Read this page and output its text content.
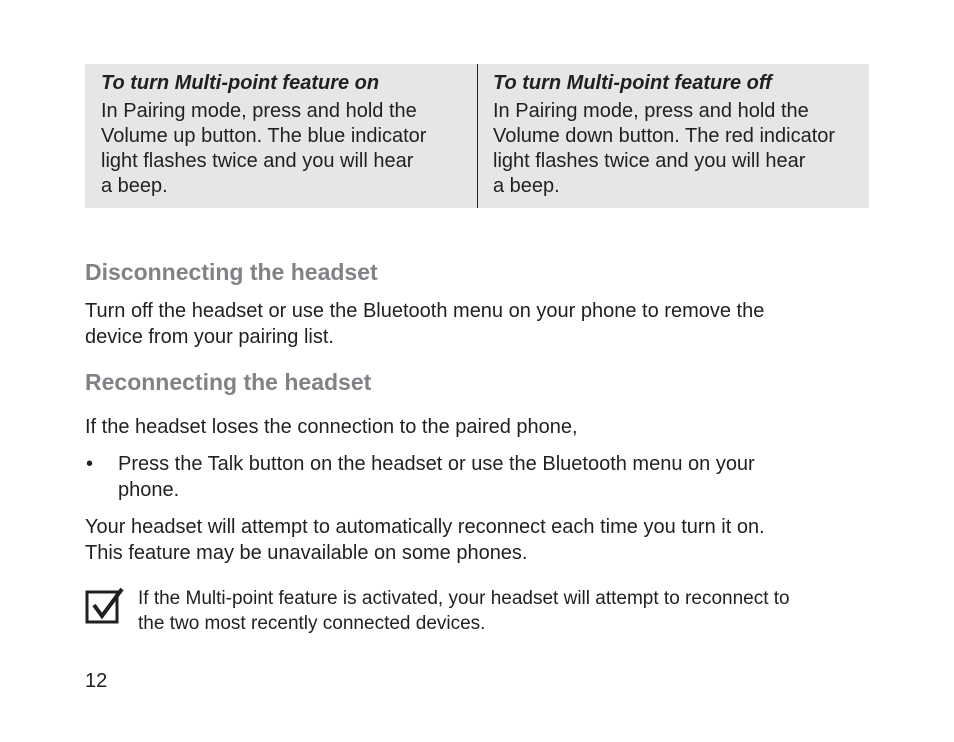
To turn Multi-point feature on

In Pairing mode, press and hold the
Volume up button. The blue indicator
light flashes twice and you will hear
a beep.

To turn Multi-point feature off

In Pairing mode, press and hold the
Volume down button. The red indicator
light flashes twice and you will hear
a beep.

Disconnecting the headset

Turn off the headset or use the Bluetooth menu on your phone to remove the
device from your pairing list.

Reconnecting the headset

If the headset loses the connection to the paired phone,

•	Press the Talk button on the headset or use the Bluetooth menu on your
phone.

Your headset will attempt to automatically reconnect each time you turn it on.
This feature may be unavailable on some phones.

If the Multi-point feature is activated, your headset will attempt to reconnect to
the two most recently connected devices.

12
